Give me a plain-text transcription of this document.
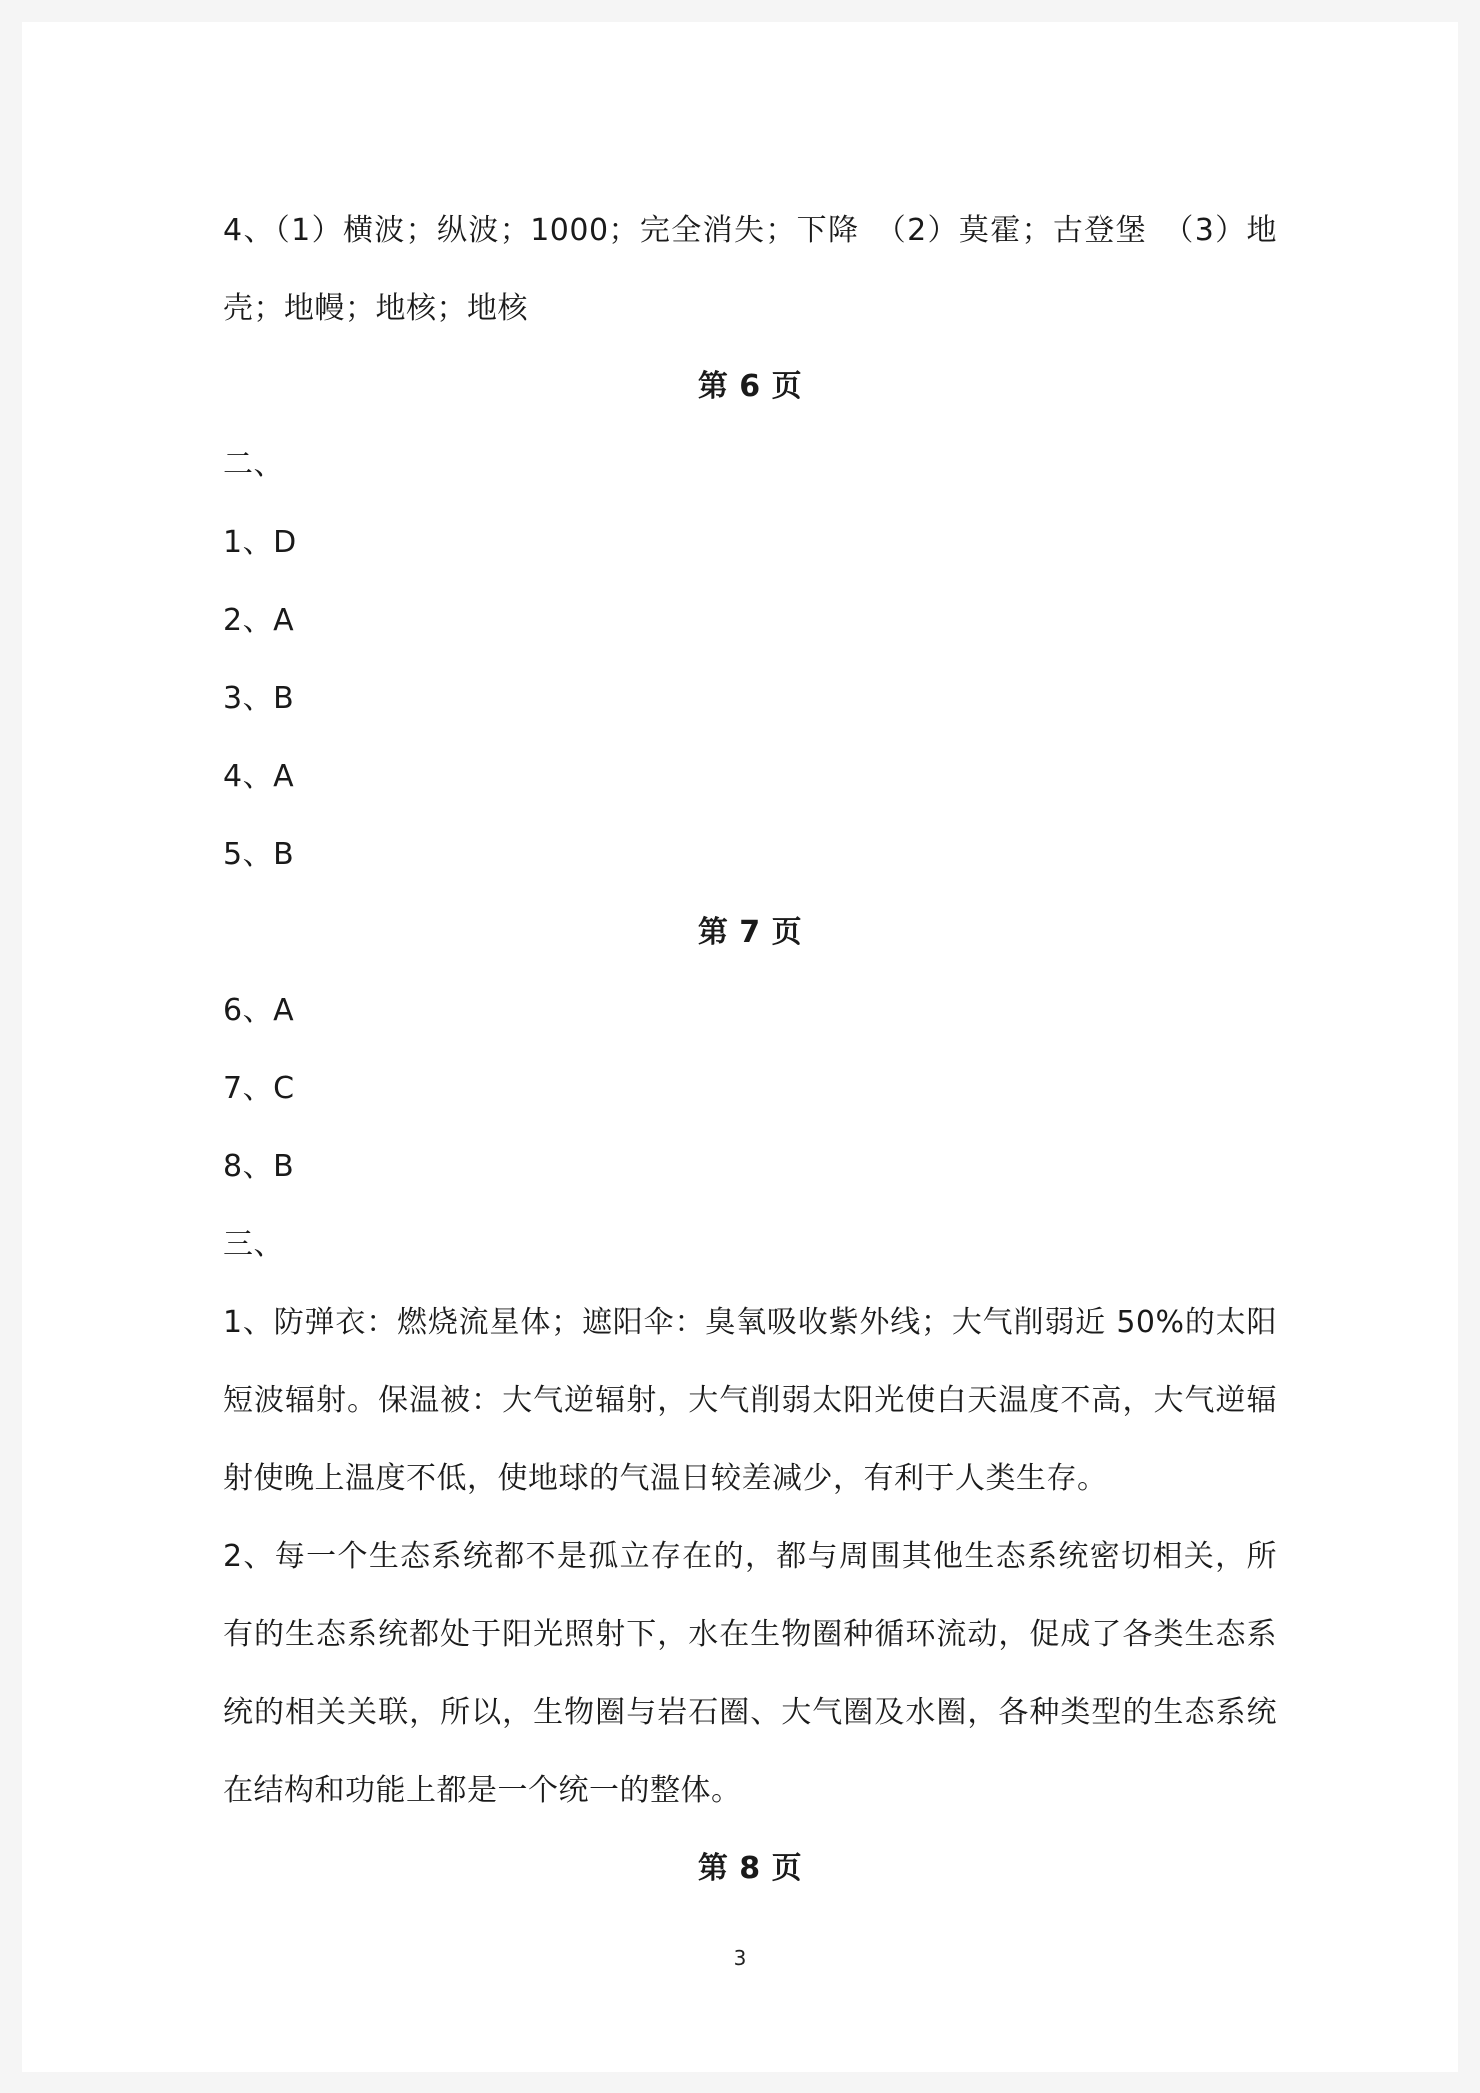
4、（1）横波；纵波；1000；完全消失；下降　（2）莫霍；古登堡　（3）地壳；地幔；地核；地核
第 6 页
二、
1、D
2、A
3、B
4、A
5、B
第 7 页
6、A
7、C
8、B
三、
1、防弹衣：燃烧流星体；遮阳伞：臭氧吸收紫外线；大气削弱近 50%的太阳短波辐射。保温被：大气逆辐射，大气削弱太阳光使白天温度不高，大气逆辐射使晚上温度不低，使地球的气温日较差减少，有利于人类生存。
2、每一个生态系统都不是孤立存在的，都与周围其他生态系统密切相关，所有的生态系统都处于阳光照射下，水在生物圈种循环流动，促成了各类生态系统的相关关联，所以，生物圈与岩石圈、大气圈及水圈，各种类型的生态系统在结构和功能上都是一个统一的整体。
第 8 页
3
